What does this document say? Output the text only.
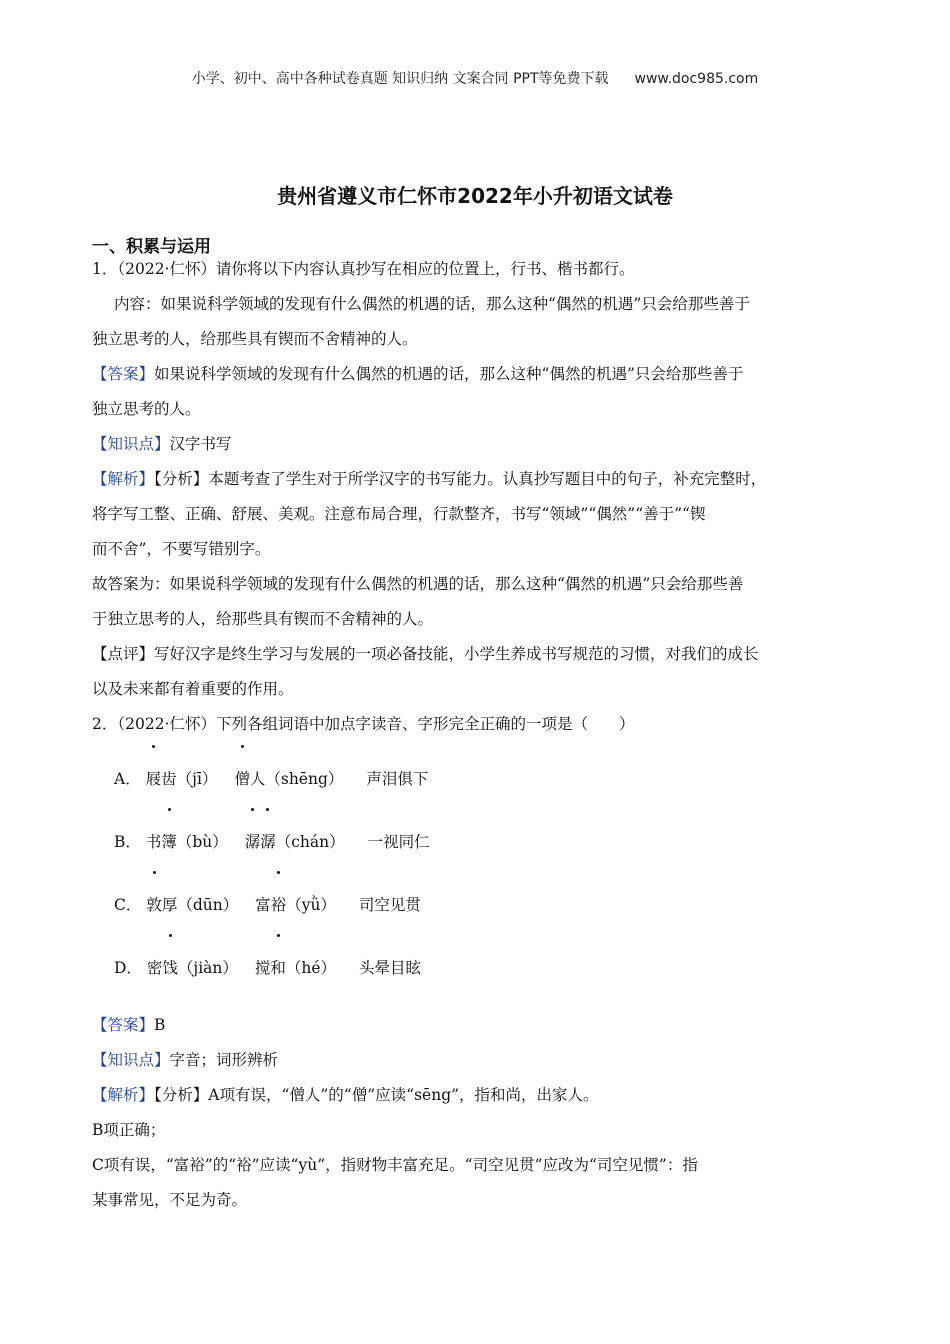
小学、初中、高中各种试卷真题 知识归纳 文案合同 PPT等免费下载 www.doc985.com
贵州省遵义市仁怀市2022年小升初语文试卷
一、积累与运用

1．（2022·仁怀）请你将以下内容认真抄写在相应的位置上，行书、楷书都行。

内容：如果说科学领域的发现有什么偶然的机遇的话，那么这种“偶然的机遇”只会给那些善于

独立思考的人，给那些具有锲而不舍精神的人。

【答案】如果说科学领域的发现有什么偶然的机遇的话，那么这种“偶然的机遇”只会给那些善于

独立思考的人。

【知识点】汉字书写

【解析】【分析】本题考查了学生对于所学汉字的书写能力。认真抄写题目中的句子，补充完整时，

将字写工整、正确、舒展、美观。注意布局合理，行款整齐，书写“领域”“偶然”“善于”“锲

而不舍”，不要写错别字。

故答案为：如果说科学领域的发现有什么偶然的机遇的话，那么这种“偶然的机遇”只会给那些善

于独立思考的人，给那些具有锲而不舍精神的人。

【点评】写好汉字是终生学习与发展的一项必备技能，小学生养成书写规范的习惯，对我们的成长

以及未来都有着重要的作用。

2．（2022·仁怀）下列各组词语中加点字读音、字形完全正确的一项是（　　）

A． 屐齿（jī） 僧人（shēng） 声泪俱下

B． 书簿（bù） 潺潺（chán） 一视同仁

C． 敦厚（dūn） 富裕（yǜ） 司空见贯

D． 密饯（jiàn） 搅和（hé） 头晕目眩

【答案】B

【知识点】字音；词形辨析

【解析】【分析】A项有误，“僧人”的“僧”应读“sēng”，指和尚，出家人。

B项正确；

C项有误，“富裕”的“裕”应读“yù”，指财物丰富充足。“司空见贯”应改为“司空见惯”：指

某事常见，不足为奇。
